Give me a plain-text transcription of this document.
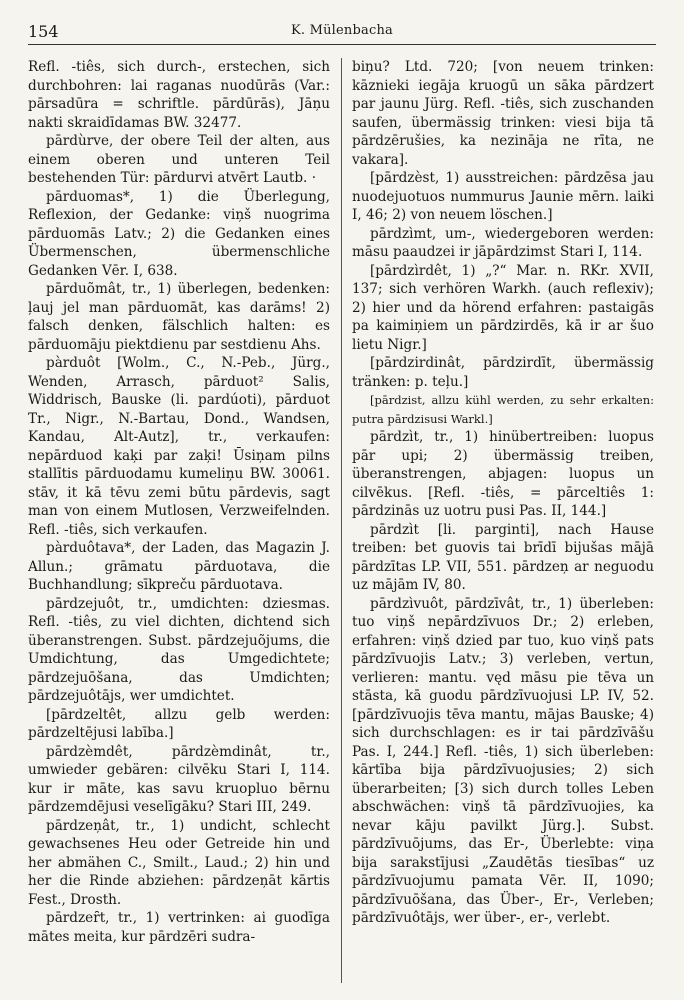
154	K. Mülenbacha

Refl. -tiês, sich durch-, erstechen, sich durchbohren: lai raganas nuodūrās (Var.: pārsadūra = schriftle. pārdūrās), Jāņu nakti skraidīdamas BW. 32477.

pārdùrve, der obere Teil der alten, aus einem oberen und unteren Teil bestehenden Tür: pārdurvi atvērt Lautb. ·

pārduomas*, 1) die Überlegung, Reflexion, der Gedanke: viņš nuogrima pārduomās Latv.; 2) die Gedanken eines Übermenschen, übermenschliche Gedanken Vēr. I, 638.

pārduõmât, tr., 1) überlegen, bedenken: ļauj jel man pārduomāt, kas darāms! 2) falsch denken, fälschlich halten: es pārduomāju piektdienu par sestdienu Ahs.

pàrduôt [Wolm., C., N.-Peb., Jürg., Wenden, Arrasch, pārduot² Salis, Widdrisch, Bauske (li. pardúoti), pārduot Tr., Nigr., N.-Bartau, Dond., Wandsen, Kandau, Alt-Autz], tr., verkaufen: nepārduod kaķi par zaķi! Ūsiņam pilns stallītis pārduodamu kumeliņu BW. 30061. stāv, it kā tēvu zemi būtu pārdevis, sagt man von einem Mutlosen, Verzweifelnden. Refl. -tiês, sich verkaufen.

pàrduôtava*, der Laden, das Magazin J. Allun.; grāmatu pārduotava, die Buchhandlung; sīkpreču pārduotava.

pārdzejuôt, tr., umdichten: dziesmas. Refl. -tiês, zu viel dichten, dichtend sich überanstrengen. Subst. pārdzejuõjums, die Umdichtung, das Umgedichtete; pārdzejuōšana, das Umdichten; pārdzejuôtājs, wer umdichtet.

[pārdzeltêt, allzu gelb werden: pārdzeltējusi labība.]

pārdzèmdêt, pārdzèmdinât, tr., umwieder gebären: cilvēku Stari I, 114. kur ir māte, kas savu kruopluo bērnu pārdzemdējusi veselīgāku? Stari III, 249.

pārdzeņât, tr., 1) undicht, schlecht gewachsenes Heu oder Getreide hin und her abmähen C., Smilt., Laud.; 2) hin und her die Rinde abziehen: pārdzeņāt kārtis Fest., Drosth.

pārdzeȓt, tr., 1) vertrinken: ai guodīga mātes meita, kur pārdzēri sudra-

biņu? Ltd. 720; [von neuem trinken: kāznieki iegāja kruogū un sāka pārdzert par jaunu Jürg. Refl. -tiês, sich zuschanden saufen, übermässig trinken: viesi bija tā pārdzērušies, ka nezināja ne rīta, ne vakara].

[pārdzèst, 1) ausstreichen: pārdzēsa jau nuodejuotuos nummurus Jaunie mērn. laiki I, 46; 2) von neuem löschen.]

pārdzìmt, um-, wiedergeboren werden: māsu paaudzei ir jāpārdzimst Stari I, 114.

[pārdzìrdêt, 1) „?“ Mar. n. RKr. XVII, 137; sich verhören Warkh. (auch reflexiv); 2) hier und da hörend erfahren: pastaigās pa kaimiņiem un pārdzirdēs, kā ir ar šuo lietu Nigr.]

[pārdzirdinât, pārdzirdīt, übermässig tränken: p. teļu.]

[pārdzist, allzu kühl werden, zu sehr erkalten: putra pārdzisusi Warkl.]

pārdzìt, tr., 1) hinübertreiben: luopus pār upi; 2) übermässig treiben, überanstrengen, abjagen: luopus un cilvēkus. [Refl. -tiês, = pārceltiês 1: pārdzinās uz uotru pusi Pas. II, 144.]

pārdzìt [li. parginti], nach Hause treiben: bet guovis tai brīdī bijušas mājā pārdzītas LP. VII, 551. pārdzeņ ar neguodu uz mājām IV, 80.

pārdzìvuôt, pārdzīvât, tr., 1) überleben: tuo viņš nepārdzīvuos Dr.; 2) erleben, erfahren: viņš dzied par tuo, kuo viņš pats pārdzīvuojis Latv.; 3) verleben, vertun, verlieren: mantu. vęd māsu pie tēva un stāsta, kā guodu pārdzīvuojusi LP. IV, 52. [pārdzīvuojis tēva mantu, mājas Bauske; 4) sich durchschlagen: es ir tai pārdzīvāšu Pas. I, 244.] Refl. -tiês, 1) sich überleben: kārtība bija pārdzīvuojusies; 2) sich überarbeiten; [3) sich durch tolles Leben abschwächen: viņš tā pārdzīvuojies, ka nevar kāju pavilkt Jürg.]. Subst. pārdzīvuōjums, das Er-, Überlebte: viņa bija sarakstījusi „Zaudētās tiesības“ uz pārdzīvuojumu pamata Vēr. II, 1090; pārdzīvuōšana, das Über-, Er-, Verleben; pārdzīvuôtājs, wer über-, er-, verlebt.
